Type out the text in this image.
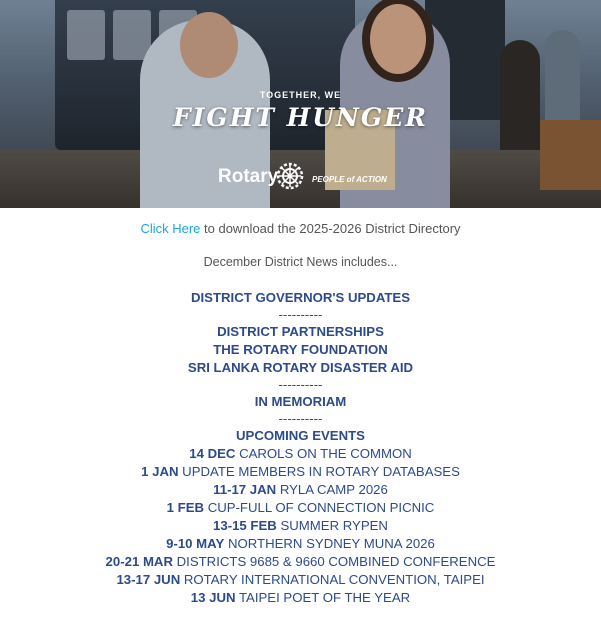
TOGETHER, WE
FIGHT HUNGER
Rotary	PEOPLE of ACTION
Click Here to download the 2025-2026 District Directory
December District News includes...
DISTRICT GOVERNOR'S UPDATES
----------
DISTRICT PARTNERSHIPS
THE ROTARY FOUNDATION
SRI LANKA ROTARY DISASTER AID
----------
IN MEMORIAM
----------
UPCOMING EVENTS
14 DEC CAROLS ON THE COMMON
1 JAN UPDATE MEMBERS IN ROTARY DATABASES
11-17 JAN RYLA CAMP 2026
1 FEB CUP-FULL OF CONNECTION PICNIC
13-15 FEB SUMMER RYPEN
9-10 MAY NORTHERN SYDNEY MUNA 2026
20-21 MAR DISTRICTS 9685 & 9660 COMBINED CONFERENCE
13-17 JUN ROTARY INTERNATIONAL CONVENTION, TAIPEI
13 JUN TAIPEI POET OF THE YEAR
